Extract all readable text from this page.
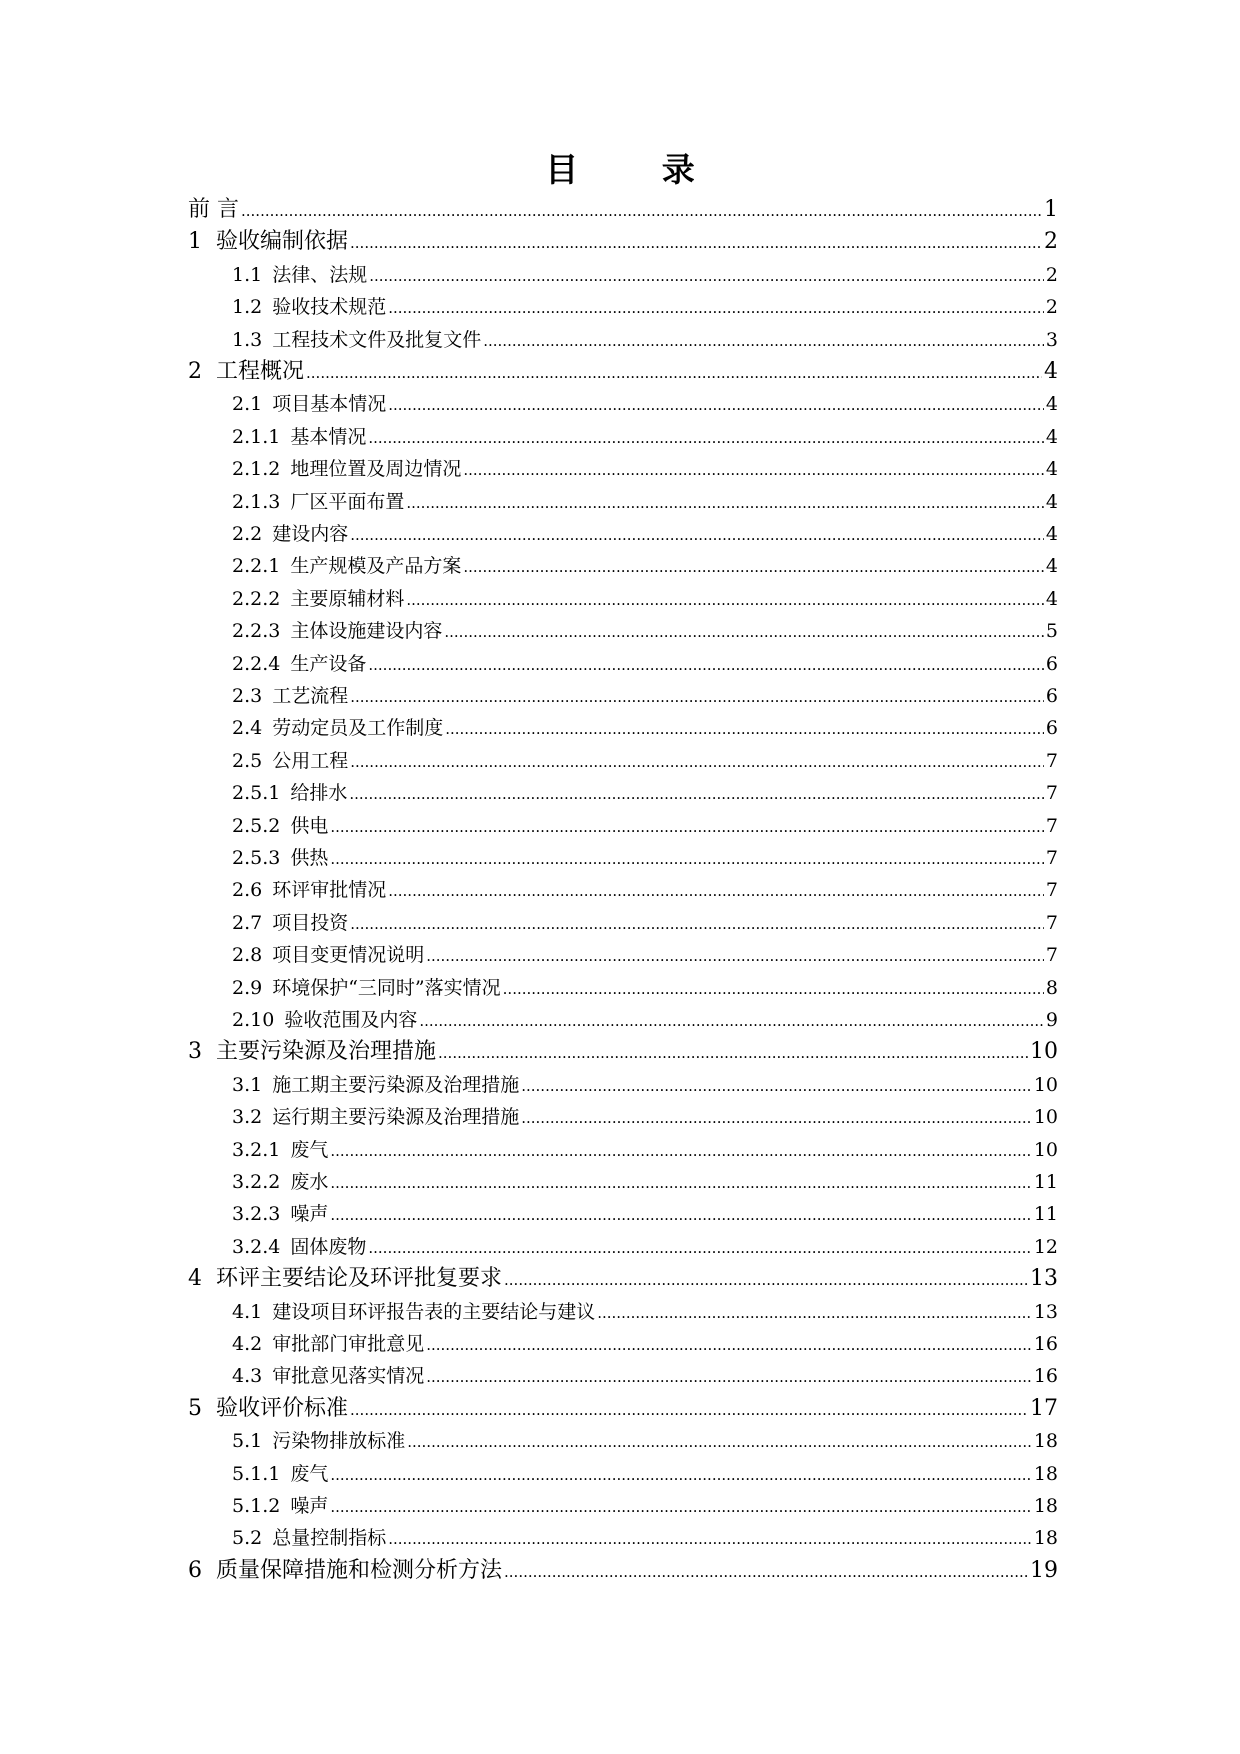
目 录
前 言 .....	1
1 验收编制依据 .....	2
1.1 法律、法规 .....	2
1.2 验收技术规范 .....	2
1.3 工程技术文件及批复文件 .....	3
2 工程概况 .....	4
2.1 项目基本情况 .....	4
2.1.1 基本情况 .....	4
2.1.2 地理位置及周边情况 .....	4
2.1.3 厂区平面布置 .....	4
2.2 建设内容 .....	4
2.2.1 生产规模及产品方案 .....	4
2.2.2 主要原辅材料 .....	4
2.2.3 主体设施建设内容 .....	5
2.2.4 生产设备 .....	6
2.3 工艺流程 .....	6
2.4 劳动定员及工作制度 .....	6
2.5 公用工程 .....	7
2.5.1 给排水 .....	7
2.5.2 供电 .....	7
2.5.3 供热 .....	7
2.6 环评审批情况 .....	7
2.7 项目投资 .....	7
2.8 项目变更情况说明 .....	7
2.9 环境保护“三同时”落实情况 .....	8
2.10 验收范围及内容 .....	9
3 主要污染源及治理措施 .....	10
3.1 施工期主要污染源及治理措施 .....	10
3.2 运行期主要污染源及治理措施 .....	10
3.2.1 废气 .....	10
3.2.2 废水 .....	11
3.2.3 噪声 .....	11
3.2.4 固体废物 .....	12
4 环评主要结论及环评批复要求 .....	13
4.1 建设项目环评报告表的主要结论与建议 .....	13
4.2 审批部门审批意见 .....	16
4.3 审批意见落实情况 .....	16
5 验收评价标准 .....	17
5.1 污染物排放标准 .....	18
5.1.1 废气 .....	18
5.1.2 噪声 .....	18
5.2 总量控制指标 .....	18
6 质量保障措施和检测分析方法 .....	19
